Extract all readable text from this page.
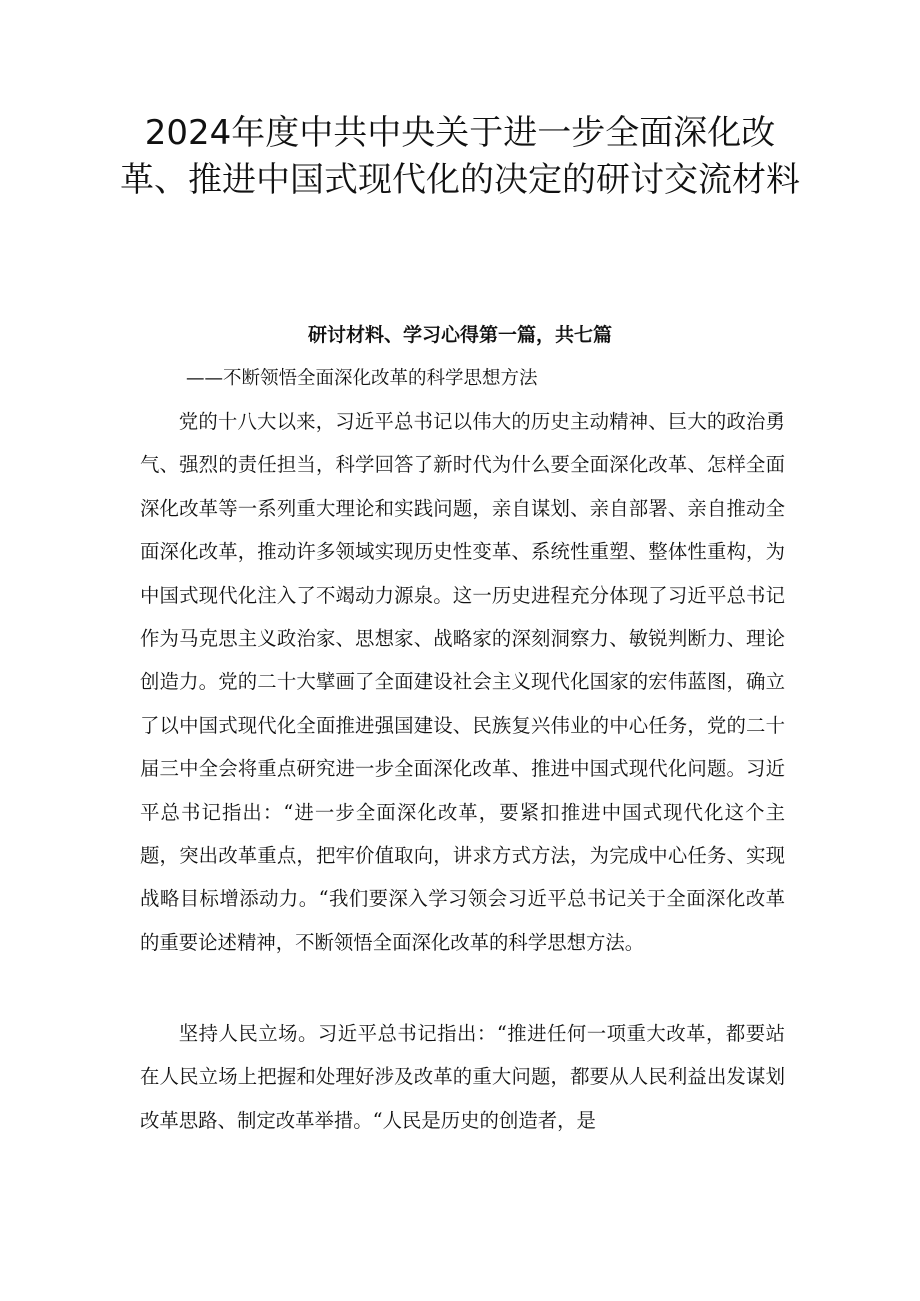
2024年度中共中央关于进一步全面深化改革、推进中国式现代化的决定的研讨交流材料
研讨材料、学习心得第一篇，共七篇

——不断领悟全面深化改革的科学思想方法

党的十八大以来，习近平总书记以伟大的历史主动精神、巨大的政治勇气、强烈的责任担当，科学回答了新时代为什么要全面深化改革、怎样全面深化改革等一系列重大理论和实践问题，亲自谋划、亲自部署、亲自推动全面深化改革，推动许多领域实现历史性变革、系统性重塑、整体性重构，为中国式现代化注入了不竭动力源泉。这一历史进程充分体现了习近平总书记作为马克思主义政治家、思想家、战略家的深刻洞察力、敏锐判断力、理论创造力。党的二十大擘画了全面建设社会主义现代化国家的宏伟蓝图，确立了以中国式现代化全面推进强国建设、民族复兴伟业的中心任务，党的二十届三中全会将重点研究进一步全面深化改革、推进中国式现代化问题。习近平总书记指出：“进一步全面深化改革，要紧扣推进中国式现代化这个主题，突出改革重点，把牢价值取向，讲求方式方法，为完成中心任务、实现战略目标增添动力。“我们要深入学习领会习近平总书记关于全面深化改革的重要论述精神，不断领悟全面深化改革的科学思想方法。

坚持人民立场。习近平总书记指出：“推进任何一项重大改革，都要站在人民立场上把握和处理好涉及改革的重大问题，都要从人民利益出发谋划改革思路、制定改革举措。“人民是历史的创造者，是
